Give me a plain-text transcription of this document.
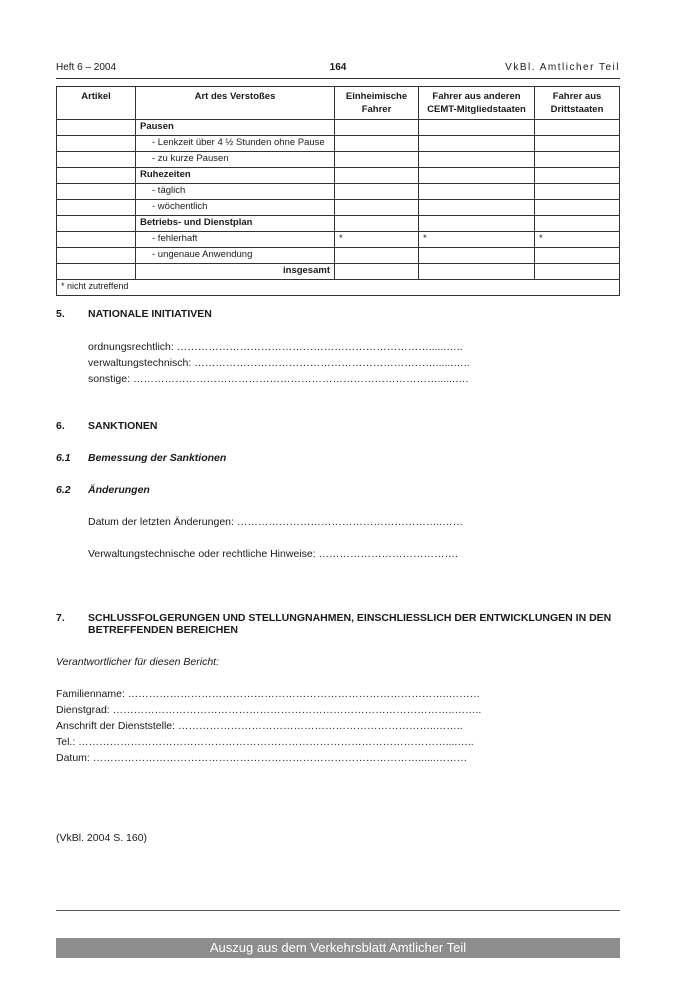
Heft 6 – 2004	164	VkBl. Amtlicher Teil
Artikel	Art des Verstoßes	Einheimische Fahrer	Fahrer aus anderen CEMT-Mitgliedstaaten	Fahrer aus Drittstaaten
	Pausen			
	- Lenkzeit über 4 ½ Stunden ohne Pause			
	- zu kurze Pausen			
	Ruhezeiten			
	- täglich			
	- wöchentlich			
	Betriebs- und Dienstplan			
	- fehlerhaft	*	*	*
	- ungenaue Anwendung			
	insgesamt			
* nicht zutreffend				
5. NATIONALE INITIATIVEN
ordnungsrechtlich: ………………………………………………………………......…..
verwaltungstechnisch: ……………………………………………………………......…..
sonstige: ……………………………………………………………………………......….
6. SANKTIONEN
6.1 Bemessung der Sanktionen
6.2 Änderungen
Datum der letzten Änderungen: …………………………………………………..……
Verwaltungstechnische oder rechtliche Hinweise: ………………………………….
7. SCHLUSSFOLGERUNGEN UND STELLUNGNAHMEN, EINSCHLIESSLICH DER ENTWICKLUNGEN IN DEN BETREFFENDEN BEREICHEN
Verantwortlicher für diesen Bericht:
Familienname: ………………………………………………………………………………..………
Dienstgrad: ……………………………………………………………………………………..……..
Anschrift der Dienststelle: ………………………………………………………………..……..
Tel.: ……………………………………………………………………………………………....…..
Datum: …………………………………………………………………………………......………
(VkBl. 2004 S. 160)
Auszug aus dem Verkehrsblatt Amtlicher Teil
